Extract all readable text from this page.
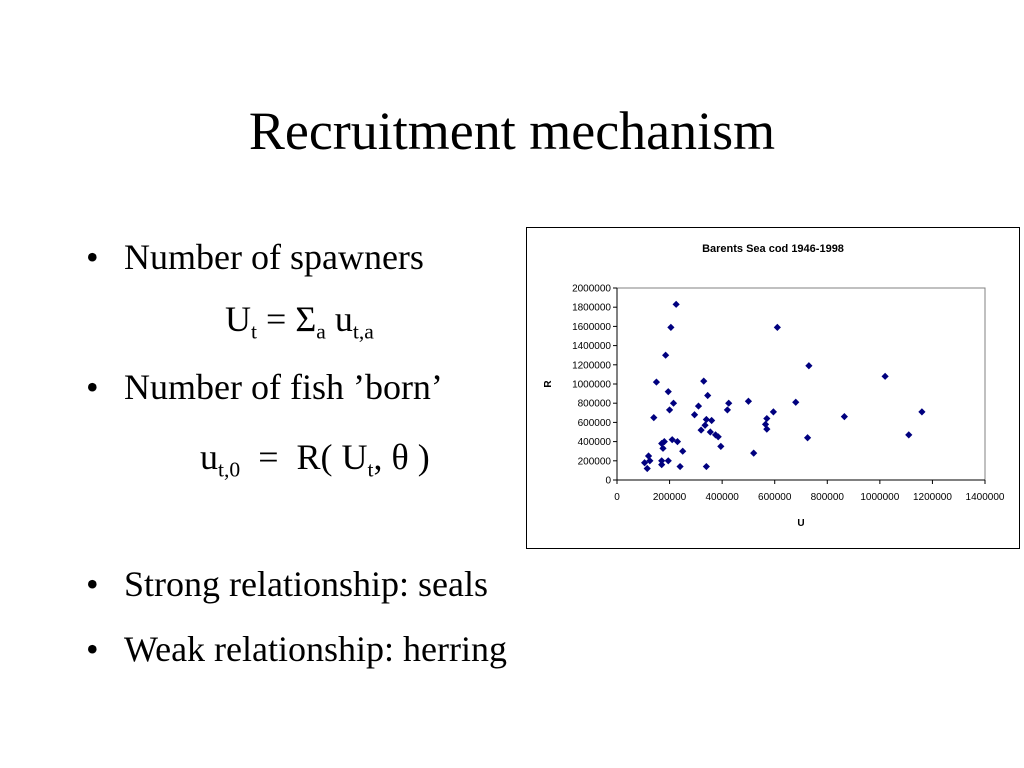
Recruitment mechanism
• Number of spawners
$U_t = \Sigma_a$ $u_{t,a}$
• Number of fish ’born’
$u_{t,0} = R$( $U_t$, θ )
• Strong relationship: seals
• Weak relationship: herring
Barents Sea cod 1946-1998
0
200000
400000
600000
800000
1000000
1200000
1400000
1600000
1800000
2000000
0	200000 400000 600000 800000 1000000 1200000 1400000
R
U
